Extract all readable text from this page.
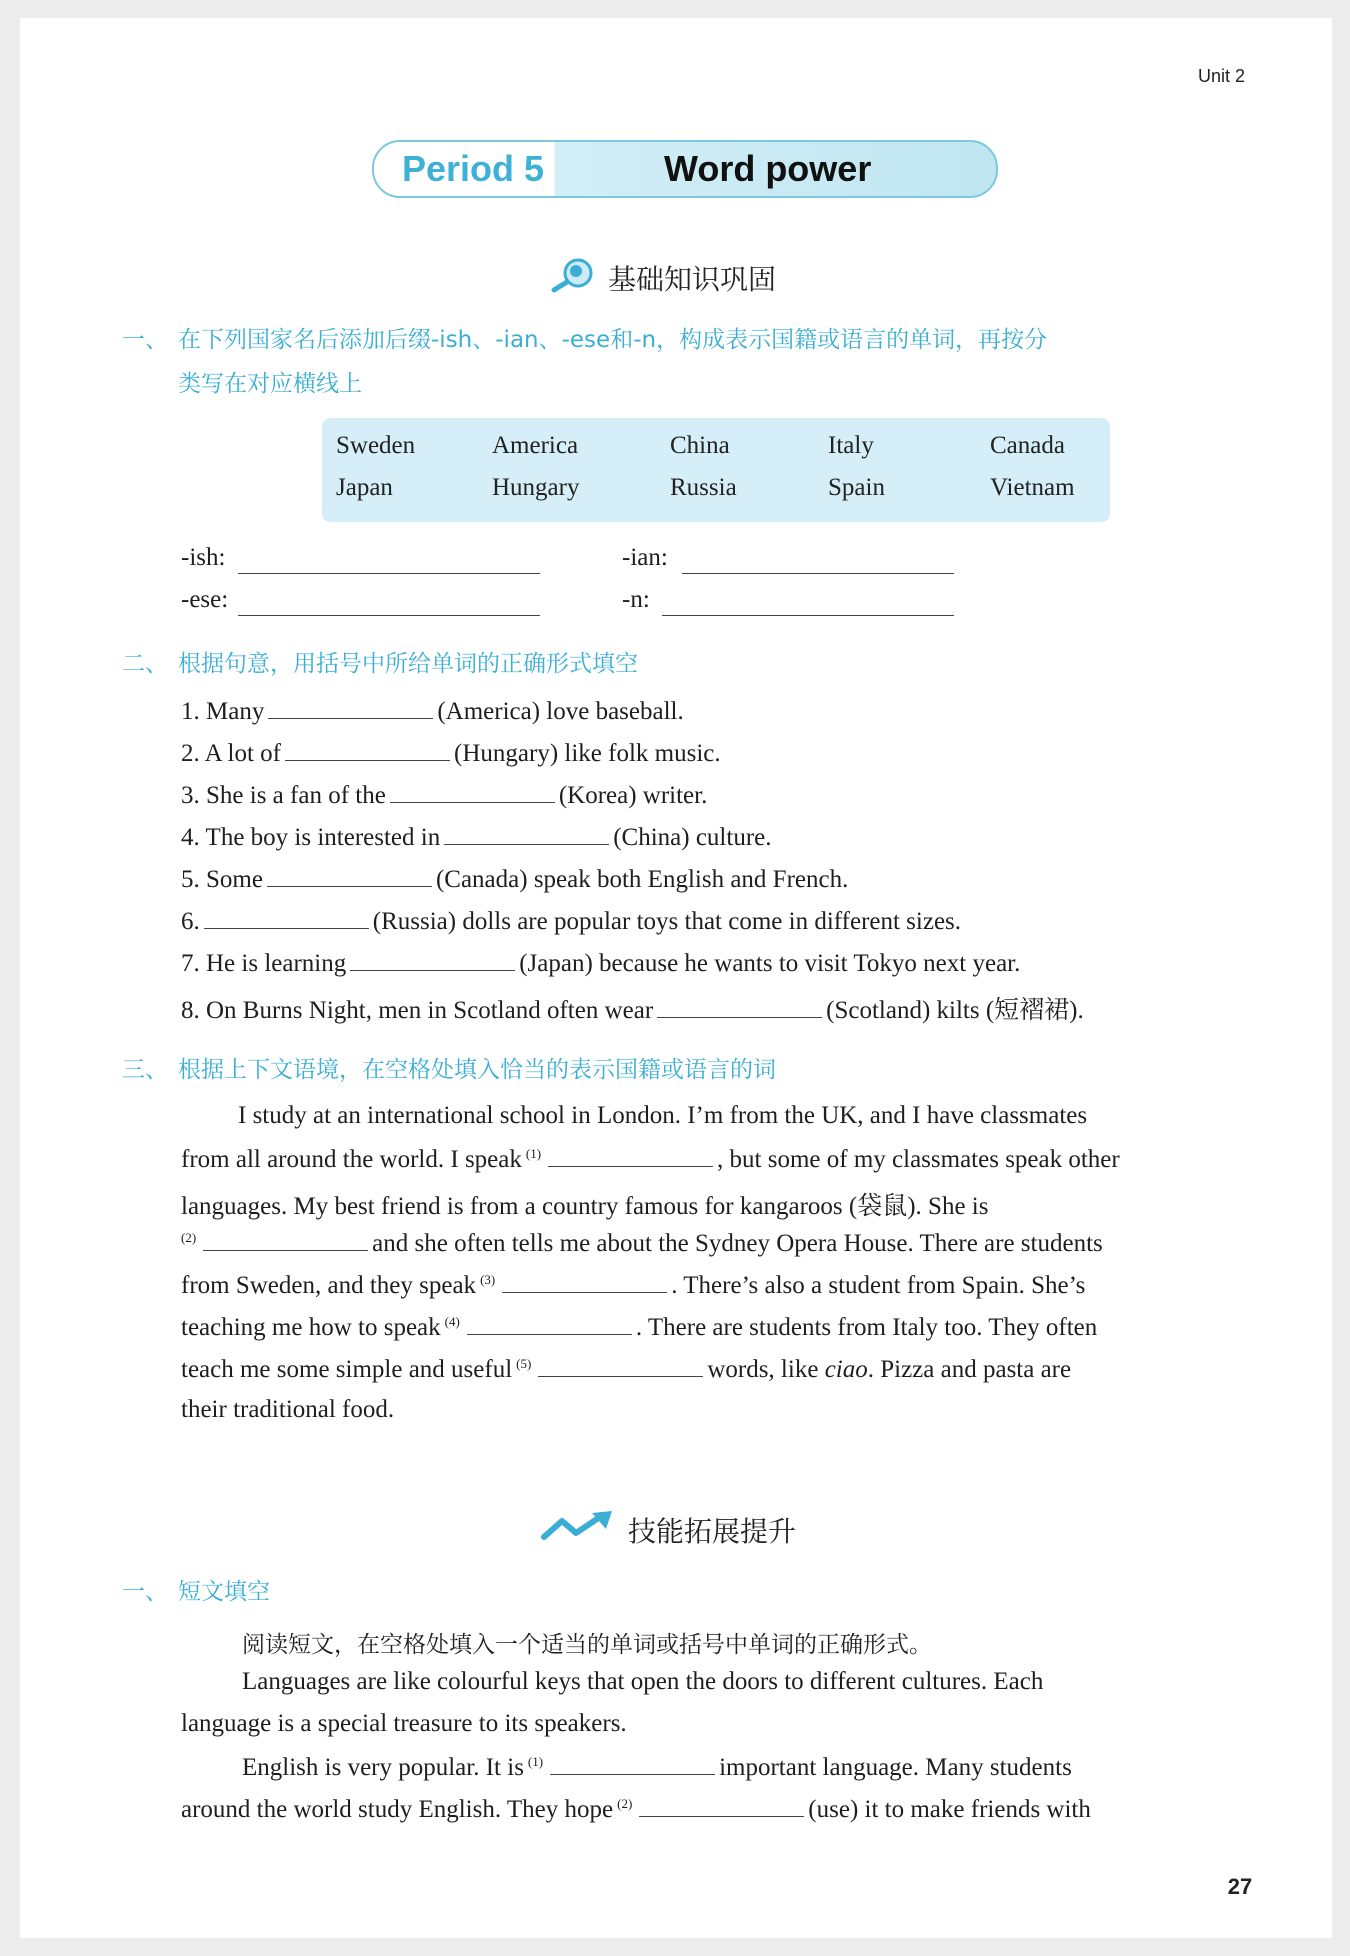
Unit 2
Period 5	Word power
基础知识巩固
一、 在下列国家名后添加后缀-ish、-ian、-ese和-n，构成表示国籍或语言的单词，再按分
类写在对应横线上
Sweden	America	China	Italy	Canada
Japan	Hungary	Russia	Spain	Vietnam
-ish:	-ian:
-ese:	-n:
二、 根据句意，用括号中所给单词的正确形式填空
1. Many	(America) love baseball.
2. A lot of	(Hungary) like folk music.
3. She is a fan of the	(Korea) writer.
4. The boy is interested in	(China) culture.
5. Some	(Canada) speak both English and French.
6.	(Russia) dolls are popular toys that come in different sizes.
7. He is learning	(Japan) because he wants to visit Tokyo next year.
8. On Burns Night, men in Scotland often wear	(Scotland) kilts (短褶裙).
三、 根据上下文语境，在空格处填入恰当的表示国籍或语言的词
I study at an international school in London. I’m from the UK, and I have classmates
from all around the world. I speak $^{(1)}$	, but some of my classmates speak other
languages. My best friend is from a country famous for kangaroos (袋鼠). She is
$^{(2)}$	and she often tells me about the Sydney Opera House. There are students
from Sweden, and they speak $^{(3)}$	. There’s also a student from Spain. She’s
teaching me how to speak $^{(4)}$	. There are students from Italy too. They often
teach me some simple and useful $^{(5)}$	words, like ciao. Pizza and pasta are
their traditional food.
技能拓展提升
一、 短文填空
阅读短文，在空格处填入一个适当的单词或括号中单词的正确形式。
Languages are like colourful keys that open the doors to different cultures. Each
language is a special treasure to its speakers.
English is very popular. It is $^{(1)}$	important language. Many students
around the world study English. They hope $^{(2)}$	(use) it to make friends with
27
